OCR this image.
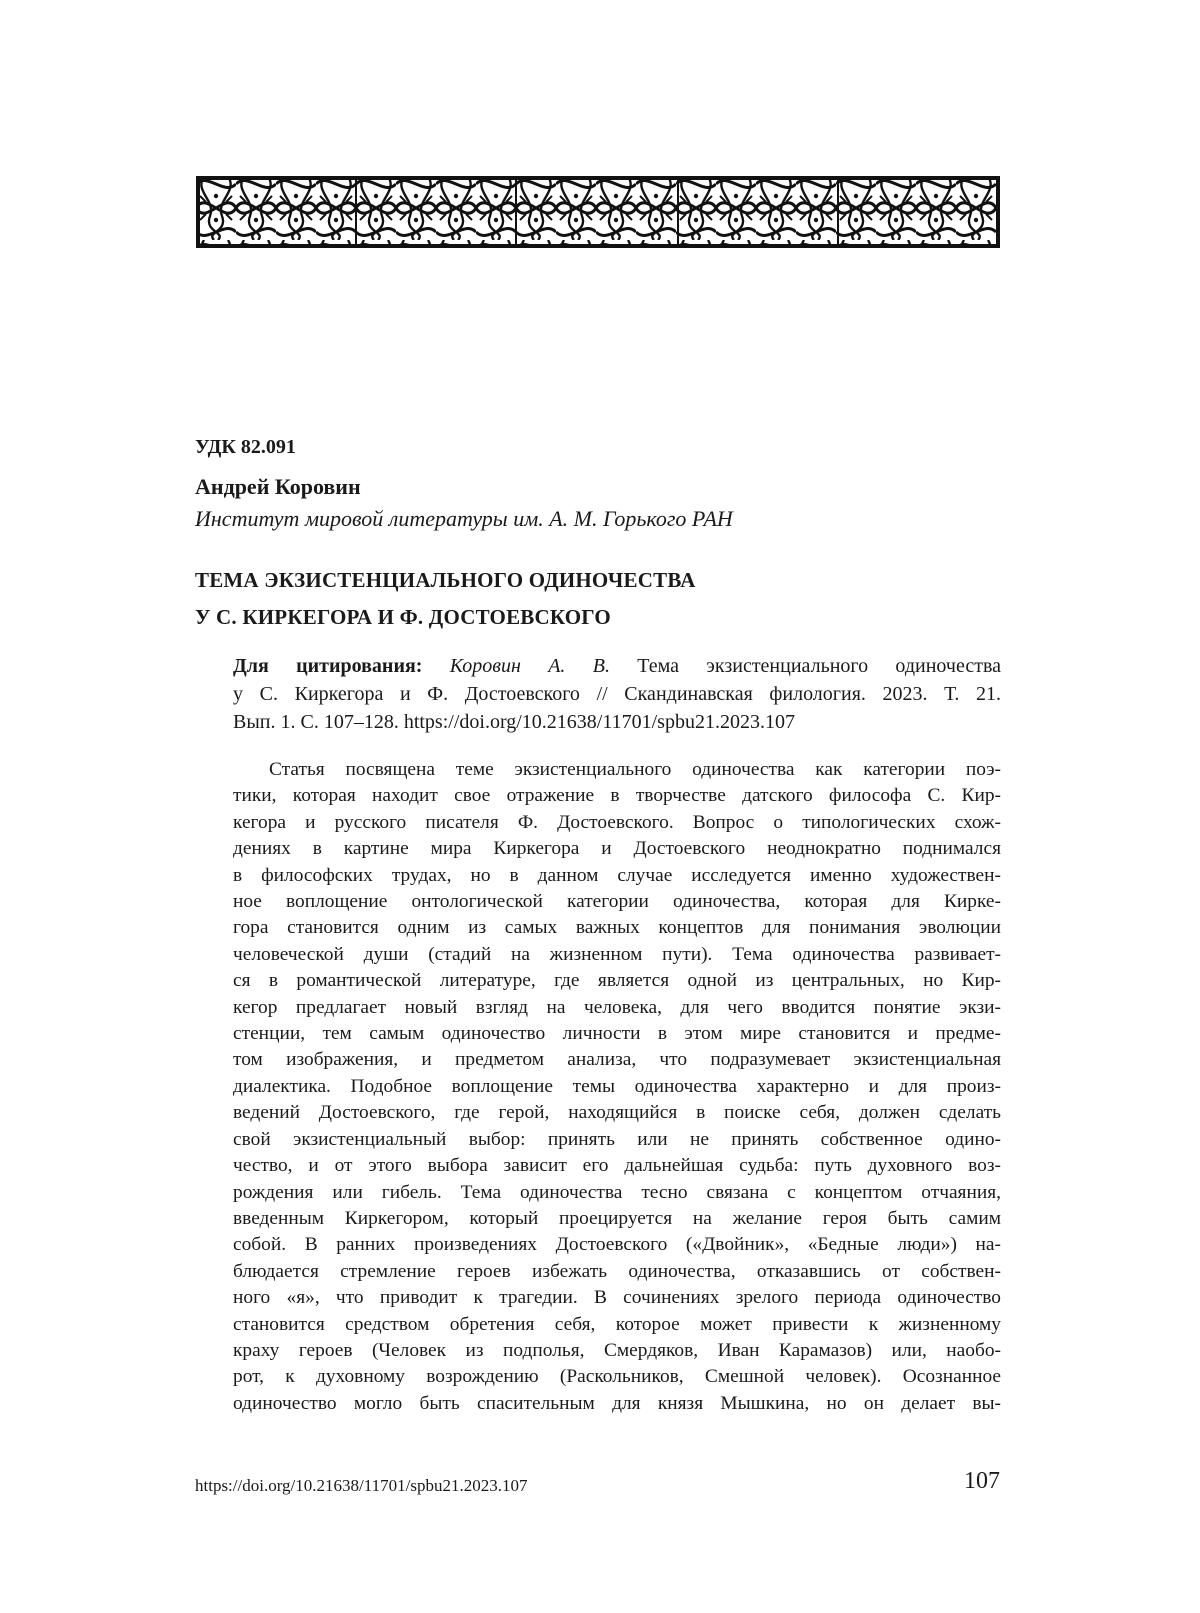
УДК 82.091
Андрей Коровин
Институт мировой литературы им. А. М. Горького РАН
ТЕМА ЭКЗИСТЕНЦИАЛЬНОГО ОДИНОЧЕСТВА
У С. КИРКЕГОРА И Ф. ДОСТОЕВСКОГО
Для цитирования: Коровин А. В. Тема экзистенциального одиночества
у С. Киркегора и Ф. Достоевского // Скандинавская филология. 2023. Т. 21.
Вып. 1. С. 107–128. https://doi.org/10.21638/11701/spbu21.2023.107
Статья посвящена теме экзистенциального одиночества как категории поэ-
тики, которая находит свое отражение в творчестве датского философа С. Кир-
кегора и русского писателя Ф. Достоевского. Вопрос о типологических схож-
дениях в картине мира Киркегора и Достоевского неоднократно поднимался
в философских трудах, но в данном случае исследуется именно художествен-
ное воплощение онтологической категории одиночества, которая для Кирке-
гора становится одним из самых важных концептов для понимания эволюции
человеческой души (стадий на жизненном пути). Тема одиночества развивает-
ся в романтической литературе, где является одной из центральных, но Кир-
кегор предлагает новый взгляд на человека, для чего вводится понятие экзи-
стенции, тем самым одиночество личности в этом мире становится и предме-
том изображения, и предметом анализа, что подразумевает экзистенциальная
диалектика. Подобное воплощение темы одиночества характерно и для произ-
ведений Достоевского, где герой, находящийся в поиске себя, должен сделать
свой экзистенциальный выбор: принять или не принять собственное одино-
чество, и от этого выбора зависит его дальнейшая судьба: путь духовного воз-
рождения или гибель. Тема одиночества тесно связана с концептом отчаяния,
введенным Киркегором, который проецируется на желание героя быть самим
собой. В ранних произведениях Достоевского («Двойник», «Бедные люди») на-
блюдается стремление героев избежать одиночества, отказавшись от собствен-
ного «я», что приводит к трагедии. В сочинениях зрелого периода одиночество
становится средством обретения себя, которое может привести к жизненному
краху героев (Человек из подполья, Смердяков, Иван Карамазов) или, наобо-
рот, к духовному возрождению (Раскольников, Смешной человек). Осознанное
одиночество могло быть спасительным для князя Мышкина, но он делает вы-
https://doi.org/10.21638/11701/spbu21.2023.107	107
